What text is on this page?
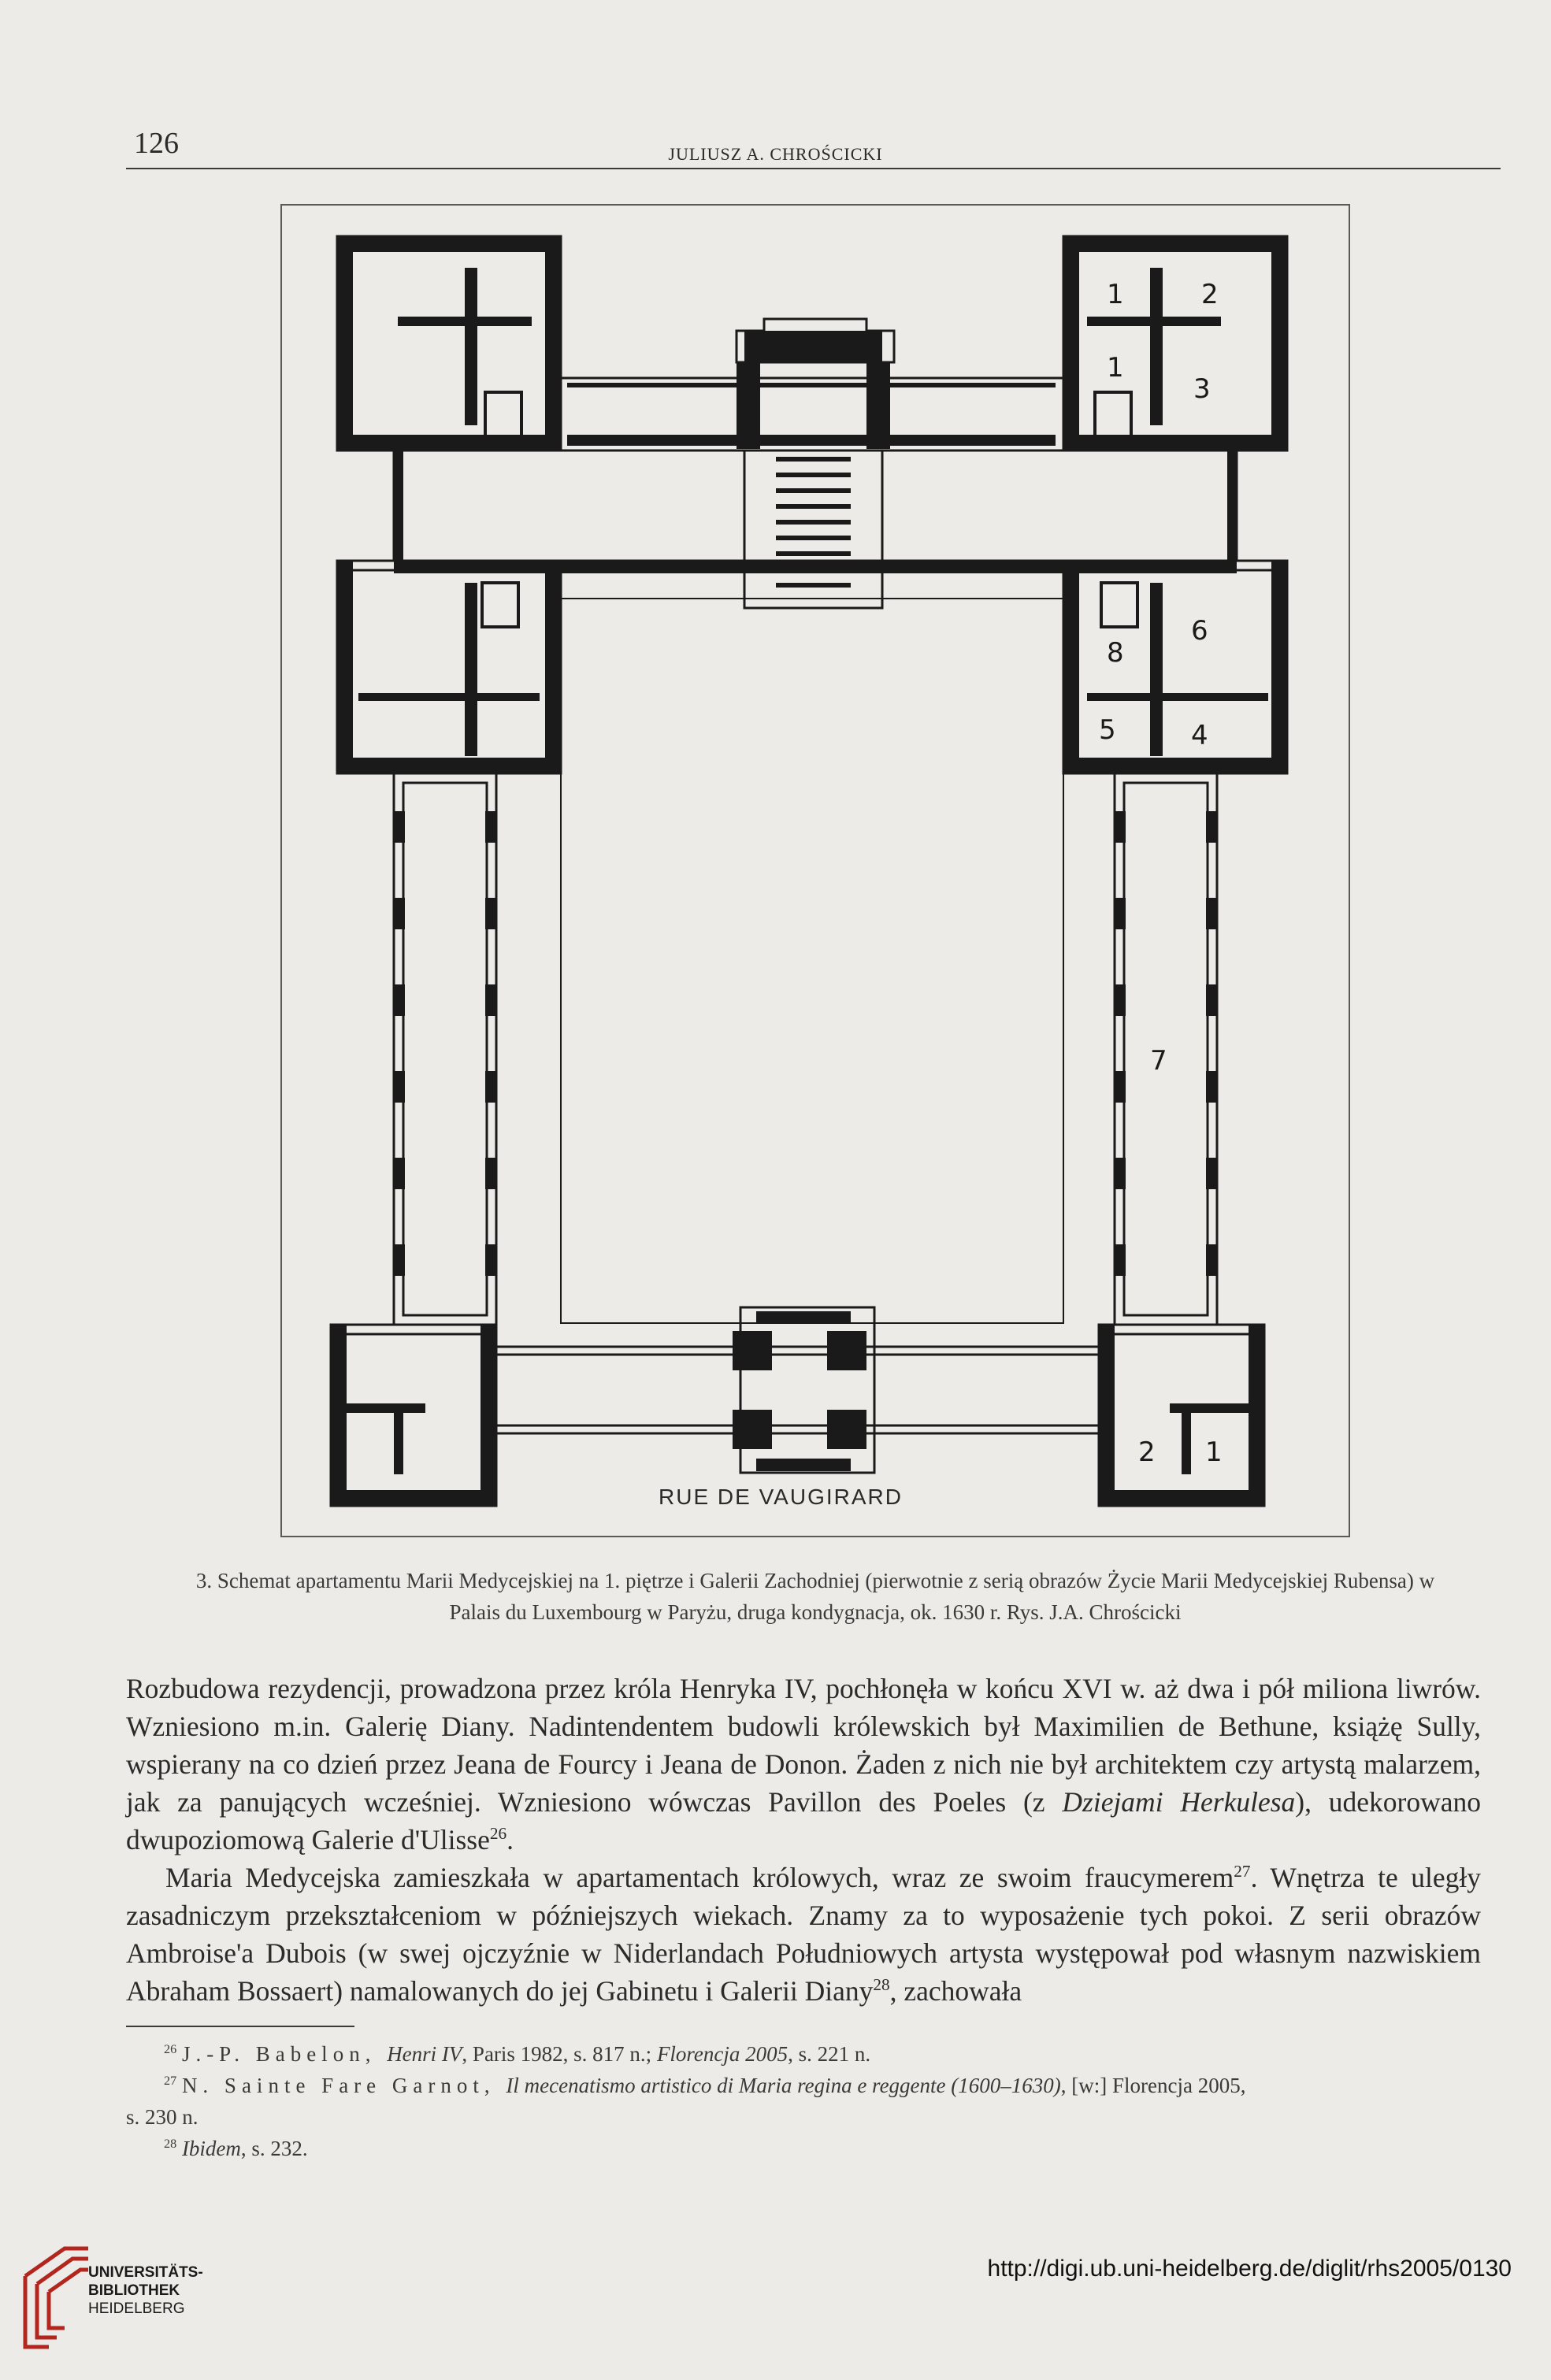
126	JULIUSZ A. CHROŚCICKI
1	2
1
3
8
6
5	4
7
2 1
RUE DE VAUGIRARD
3. Schemat apartamentu Marii Medycejskiej na 1. piętrze i Galerii Zachodniej (pierwotnie z serią obrazów Życie Marii Medycejskiej Rubensa) w Palais du Luxembourg w Paryżu, druga kondygnacja, ok. 1630 r. Rys. J.A. Chrościcki

Rozbudowa rezydencji, prowadzona przez króla Henryka IV, pochłonęła w końcu XVI w. aż dwa i pół miliona liwrów. Wzniesiono m.in. Galerię Diany. Nadintendentem budowli królewskich był Maximilien de Bethune, książę Sully, wspierany na co dzień przez Jeana de Fourcy i Jeana de Donon. Żaden z nich nie był architektem czy artystą malarzem, jak za panujących wcześniej. Wzniesiono wówczas Pavillon des Poeles (z Dziejami Herkulesa), udekorowano dwupoziomową Galerie d'Ulisse$^{26}$.

Maria Medycejska zamieszkała w apartamentach królowych, wraz ze swoim fraucymerem$^{27}$. Wnętrza te uległy zasadniczym przekształceniom w późniejszych wiekach. Znamy za to wyposażenie tych pokoi. Z serii obrazów Ambroise'a Dubois (w swej ojczyźnie w Niderlandach Południowych artysta występował pod własnym nazwiskiem Abraham Bossaert) namalowanych do jej Gabinetu i Galerii Diany$^{28}$, zachowała

$^{26}$ J.-P. Babelon, Henri IV, Paris 1982, s. 817 n.; Florencja 2005, s. 221 n.

$^{27}$ N. Sainte Fare Garnot, Il mecenatismo artistico di Maria regina e reggente (1600–1630), [w:] Florencja 2005,

s. 230 n.

$^{28}$ Ibidem, s. 232.

UNIVERSITÄTS-
BIBLIOTHEK
HEIDELBERG
http://digi.ub.uni-heidelberg.de/diglit/rhs2005/0130
